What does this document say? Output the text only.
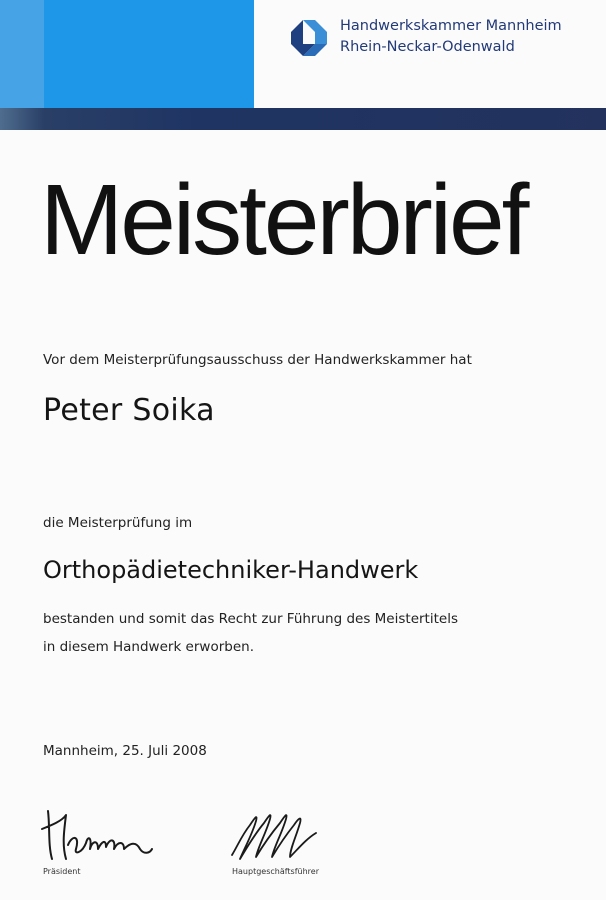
Handwerkskammer Mannheim
Rhein-Neckar-Odenwald
Meisterbrief
Vor dem Meisterprüfungsausschuss der Handwerkskammer hat
Peter Soika
die Meisterprüfung im
Orthopädietechniker-Handwerk
bestanden und somit das Recht zur Führung des Meistertitels
in diesem Handwerk erworben.
Mannheim, 25. Juli 2008
Präsident	Hauptgeschäftsführer
